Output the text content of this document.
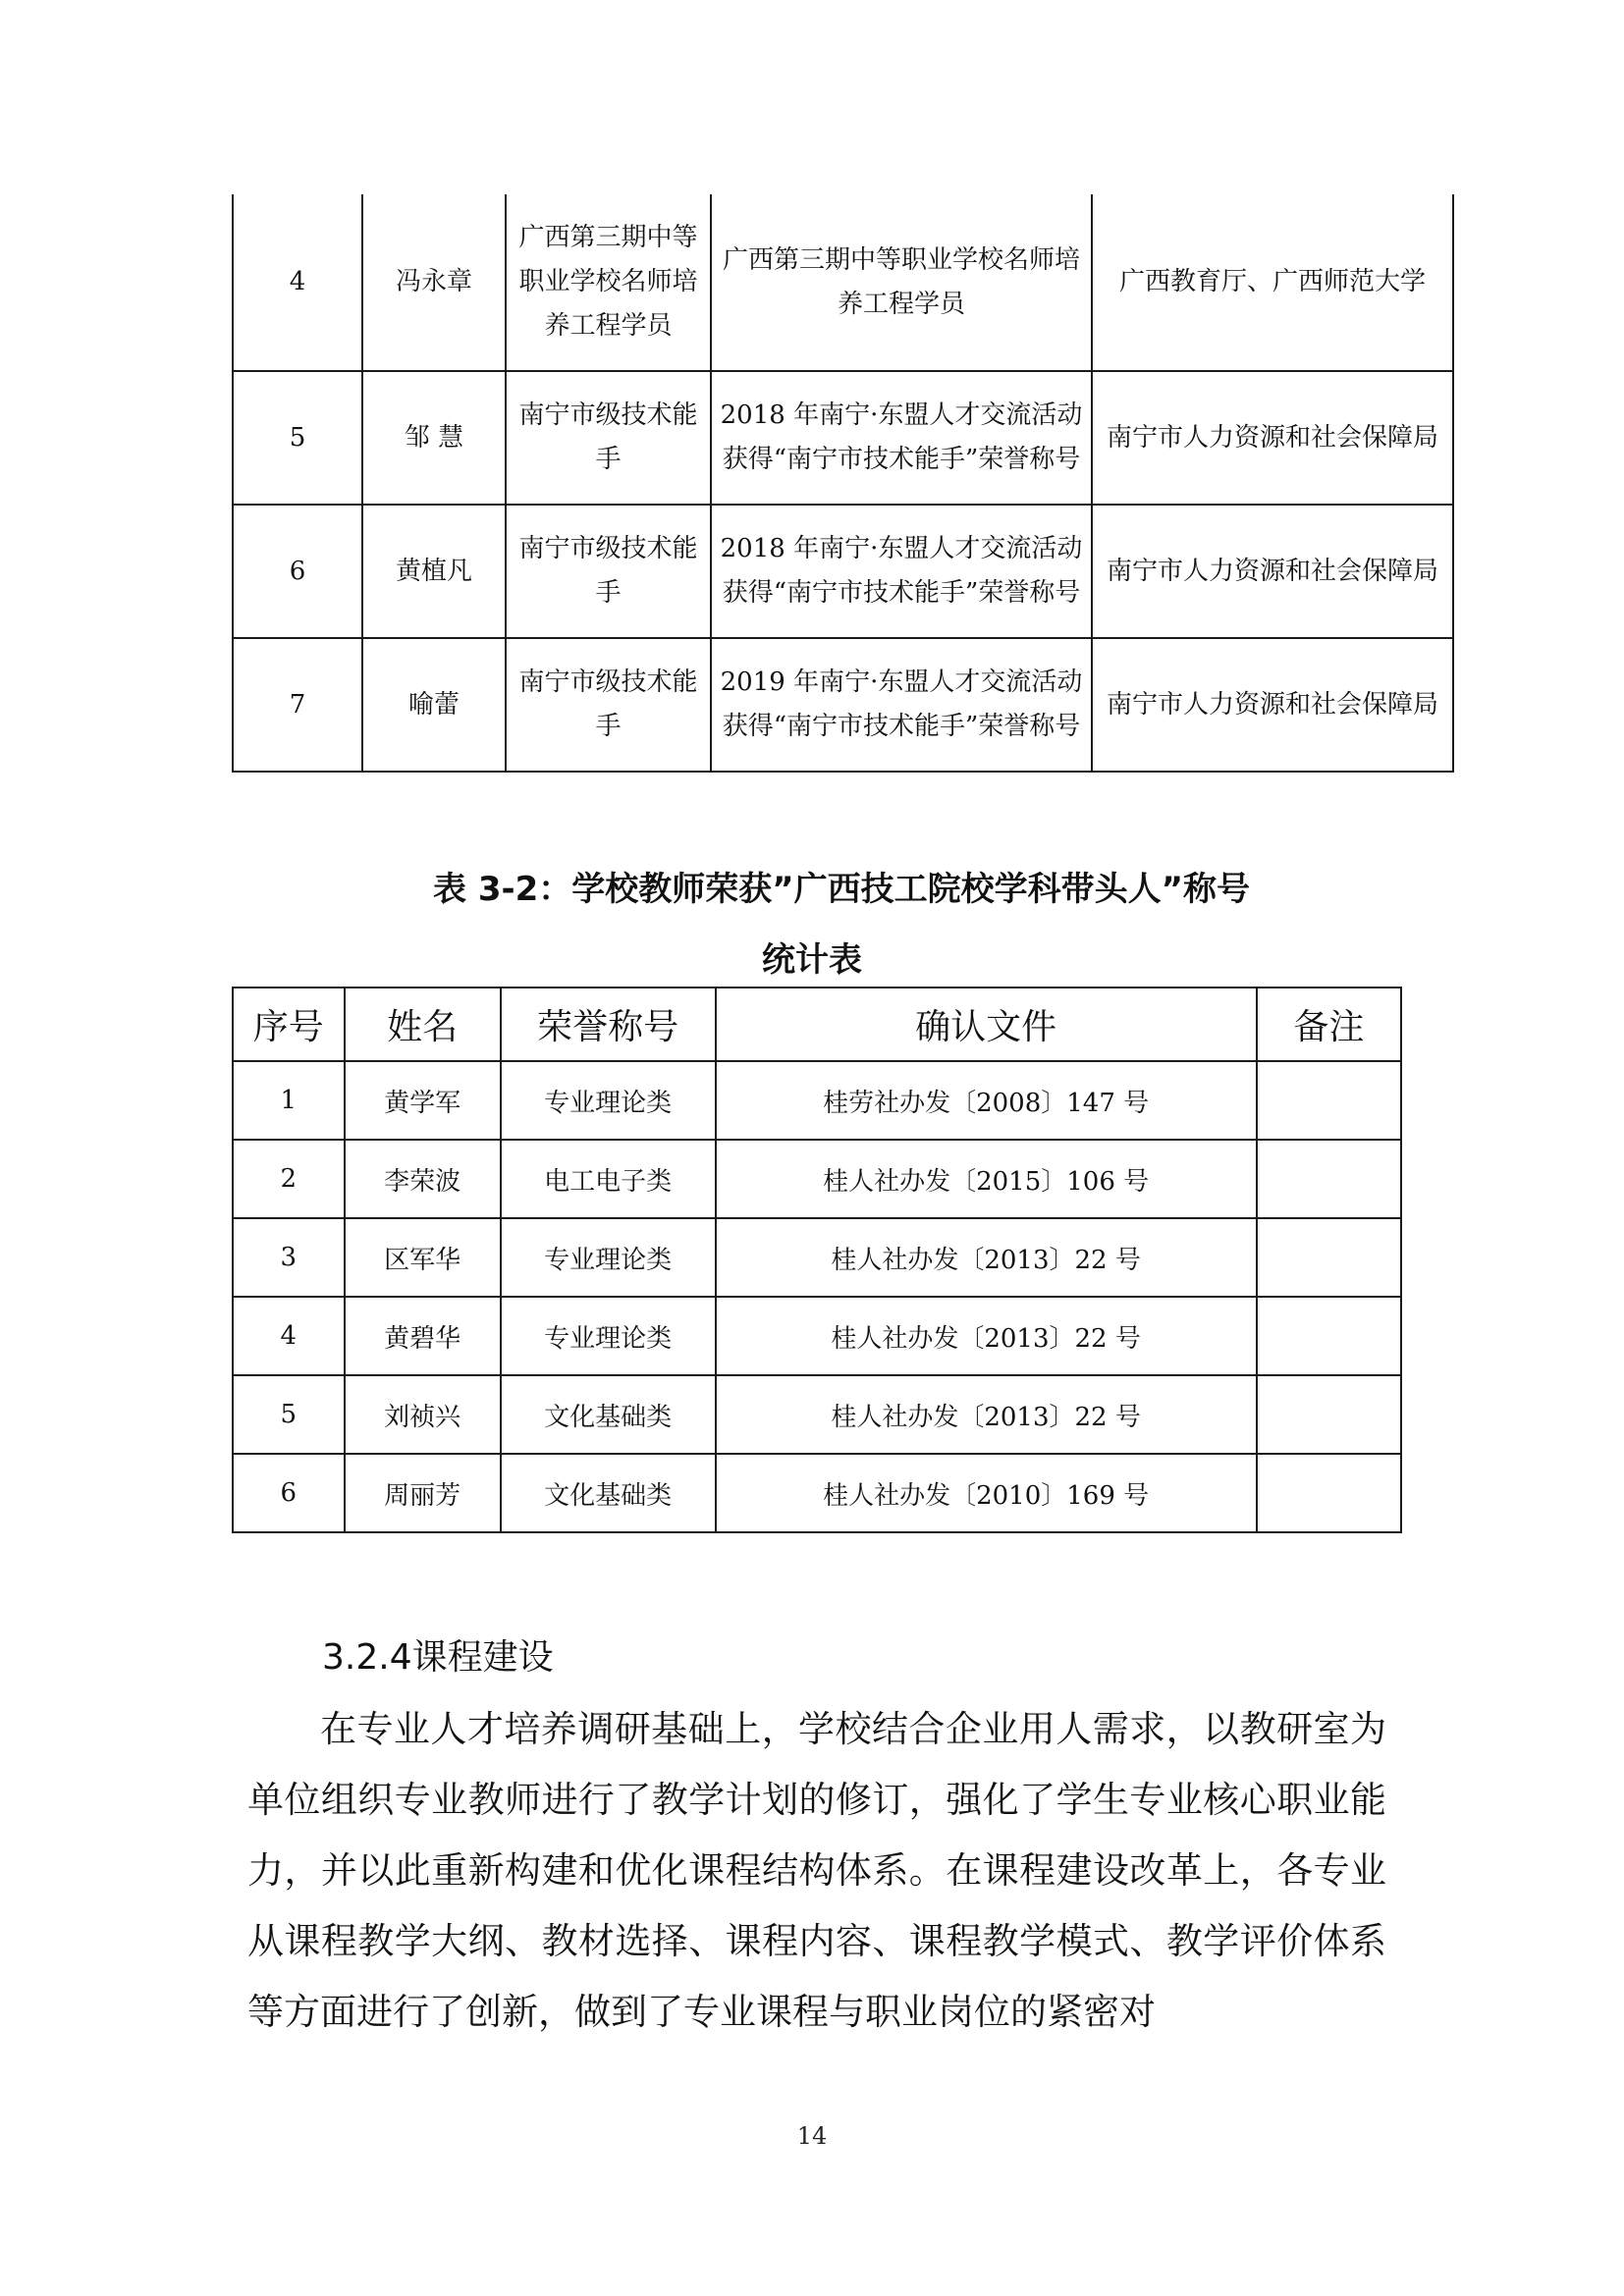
4	冯永章	广西第三期中等职业学校名师培养工程学员	广西第三期中等职业学校名师培养工程学员	广西教育厅、广西师范大学
5	邹 慧	南宁市级技术能手	2018 年南宁·东盟人才交流活动获得“南宁市技术能手”荣誉称号	南宁市人力资源和社会保障局
6	黄植凡	南宁市级技术能手	2018 年南宁·东盟人才交流活动获得“南宁市技术能手”荣誉称号	南宁市人力资源和社会保障局
7	喻蕾	南宁市级技术能手	2019 年南宁·东盟人才交流活动获得“南宁市技术能手”荣誉称号	南宁市人力资源和社会保障局
表 3-2：学校教师荣获”广西技工院校学科带头人”称号
统计表
序号	姓名	荣誉称号	确认文件	备注
1	黄学军	专业理论类	桂劳社办发〔2008〕147 号	
2	李荣波	电工电子类	桂人社办发〔2015〕106 号	
3	区军华	专业理论类	桂人社办发〔2013〕22 号	
4	黄碧华	专业理论类	桂人社办发〔2013〕22 号	
5	刘祯兴	文化基础类	桂人社办发〔2013〕22 号	
6	周丽芳	文化基础类	桂人社办发〔2010〕169 号	
3.2.4课程建设
在专业人才培养调研基础上，学校结合企业用人需求，以教研室为单位组织专业教师进行了教学计划的修订，强化了学生专业核心职业能力，并以此重新构建和优化课程结构体系。在课程建设改革上，各专业从课程教学大纲、教材选择、课程内容、课程教学模式、教学评价体系等方面进行了创新，做到了专业课程与职业岗位的紧密对
14
